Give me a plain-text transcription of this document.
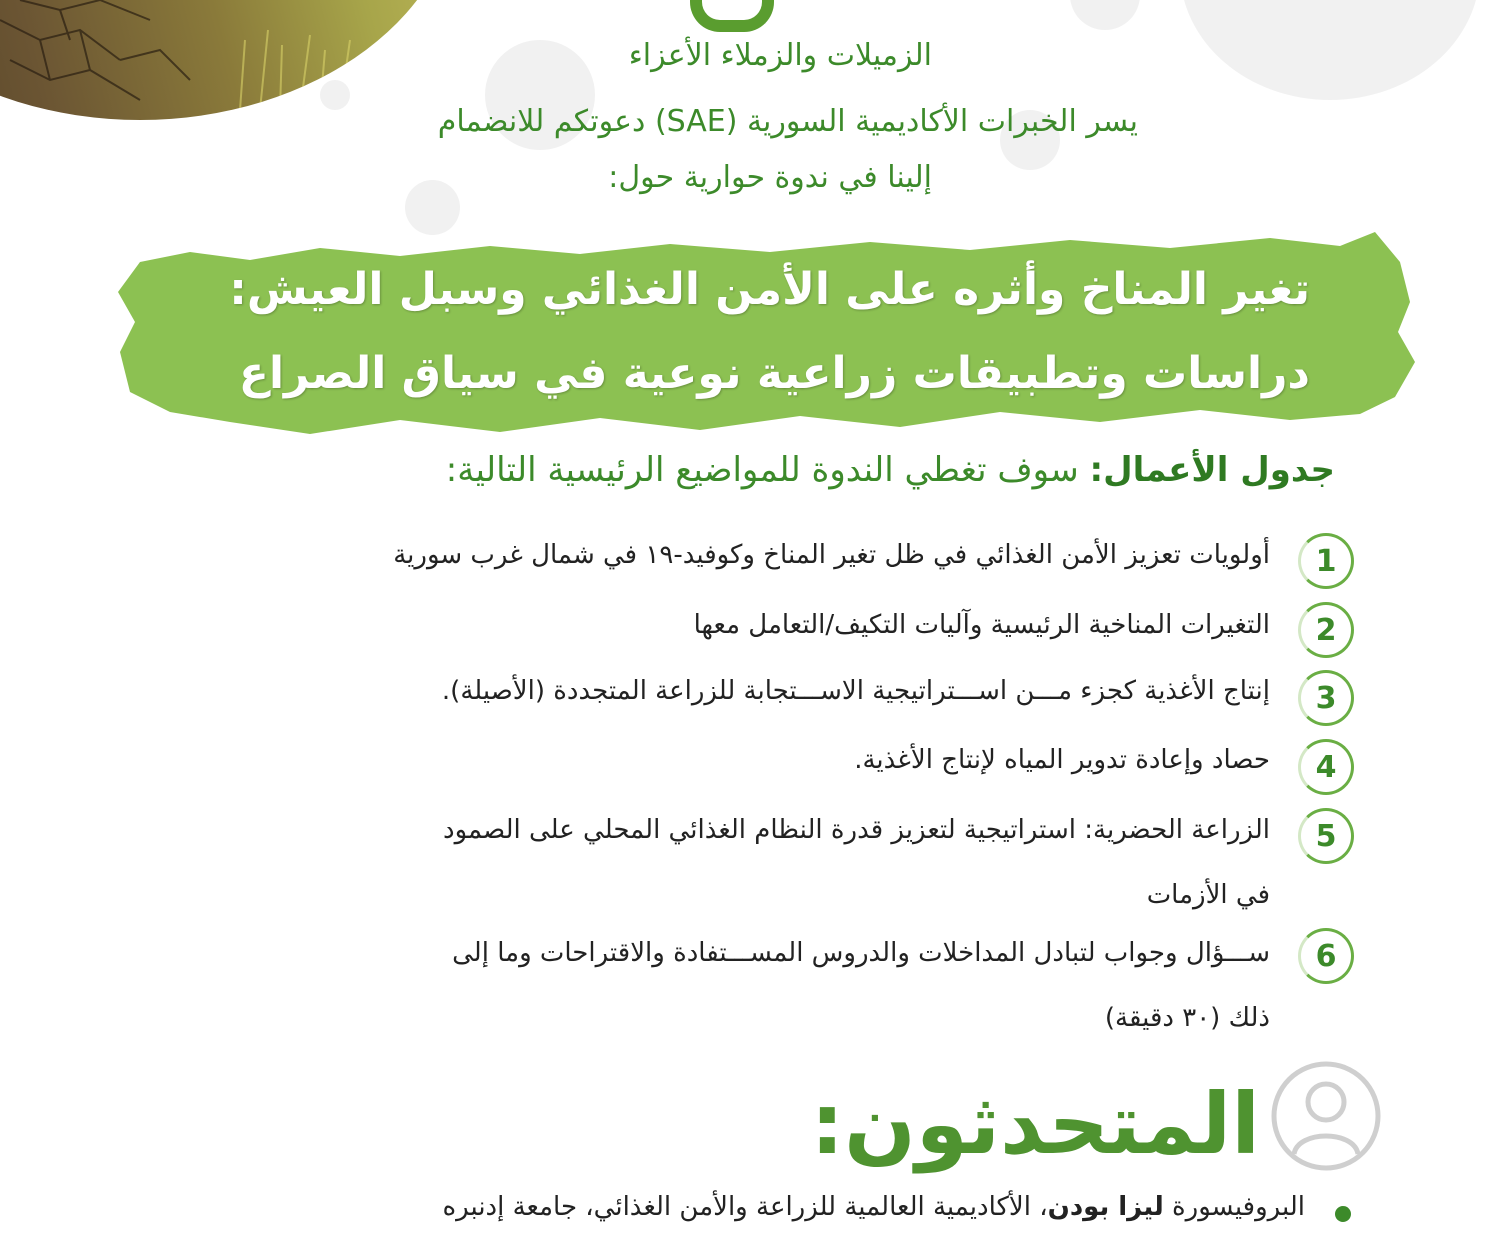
الزميلات والزملاء الأعزاء
يسر الخبرات الأكاديمية السورية (SAE) دعوتكم للانضمام
إلينا في ندوة حوارية حول:
تغير المناخ وأثره على الأمن الغذائي وسبل العيش:
دراسات وتطبيقات زراعية نوعية في سياق الصراع
جدول الأعمال: سوف تغطي الندوة للمواضيع الرئيسية التالية:
1
أولويات تعزيز الأمن الغذائي في ظل تغير المناخ وكوفيد-١٩ في شمال غرب سورية
2
التغيرات المناخية الرئيسية وآليات التكيف/التعامل معها
3
إنتاج الأغذية كجزء مـــن اســـتراتيجية الاســـتجابة للزراعة المتجددة (الأصيلة).
4
حصاد وإعادة تدوير المياه لإنتاج الأغذية.
5
الزراعة الحضرية: استراتيجية لتعزيز قدرة النظام الغذائي المحلي على الصمود
في الأزمات
6
ســـؤال وجواب لتبادل المداخلات والدروس المســـتفادة والاقتراحات وما إلى
ذلك (٣٠ دقيقة)
المتحدثون:
البروفيسورة ليزا بودن، الأكاديمية العالمية للزراعة والأمن الغذائي، جامعة إدنبره
